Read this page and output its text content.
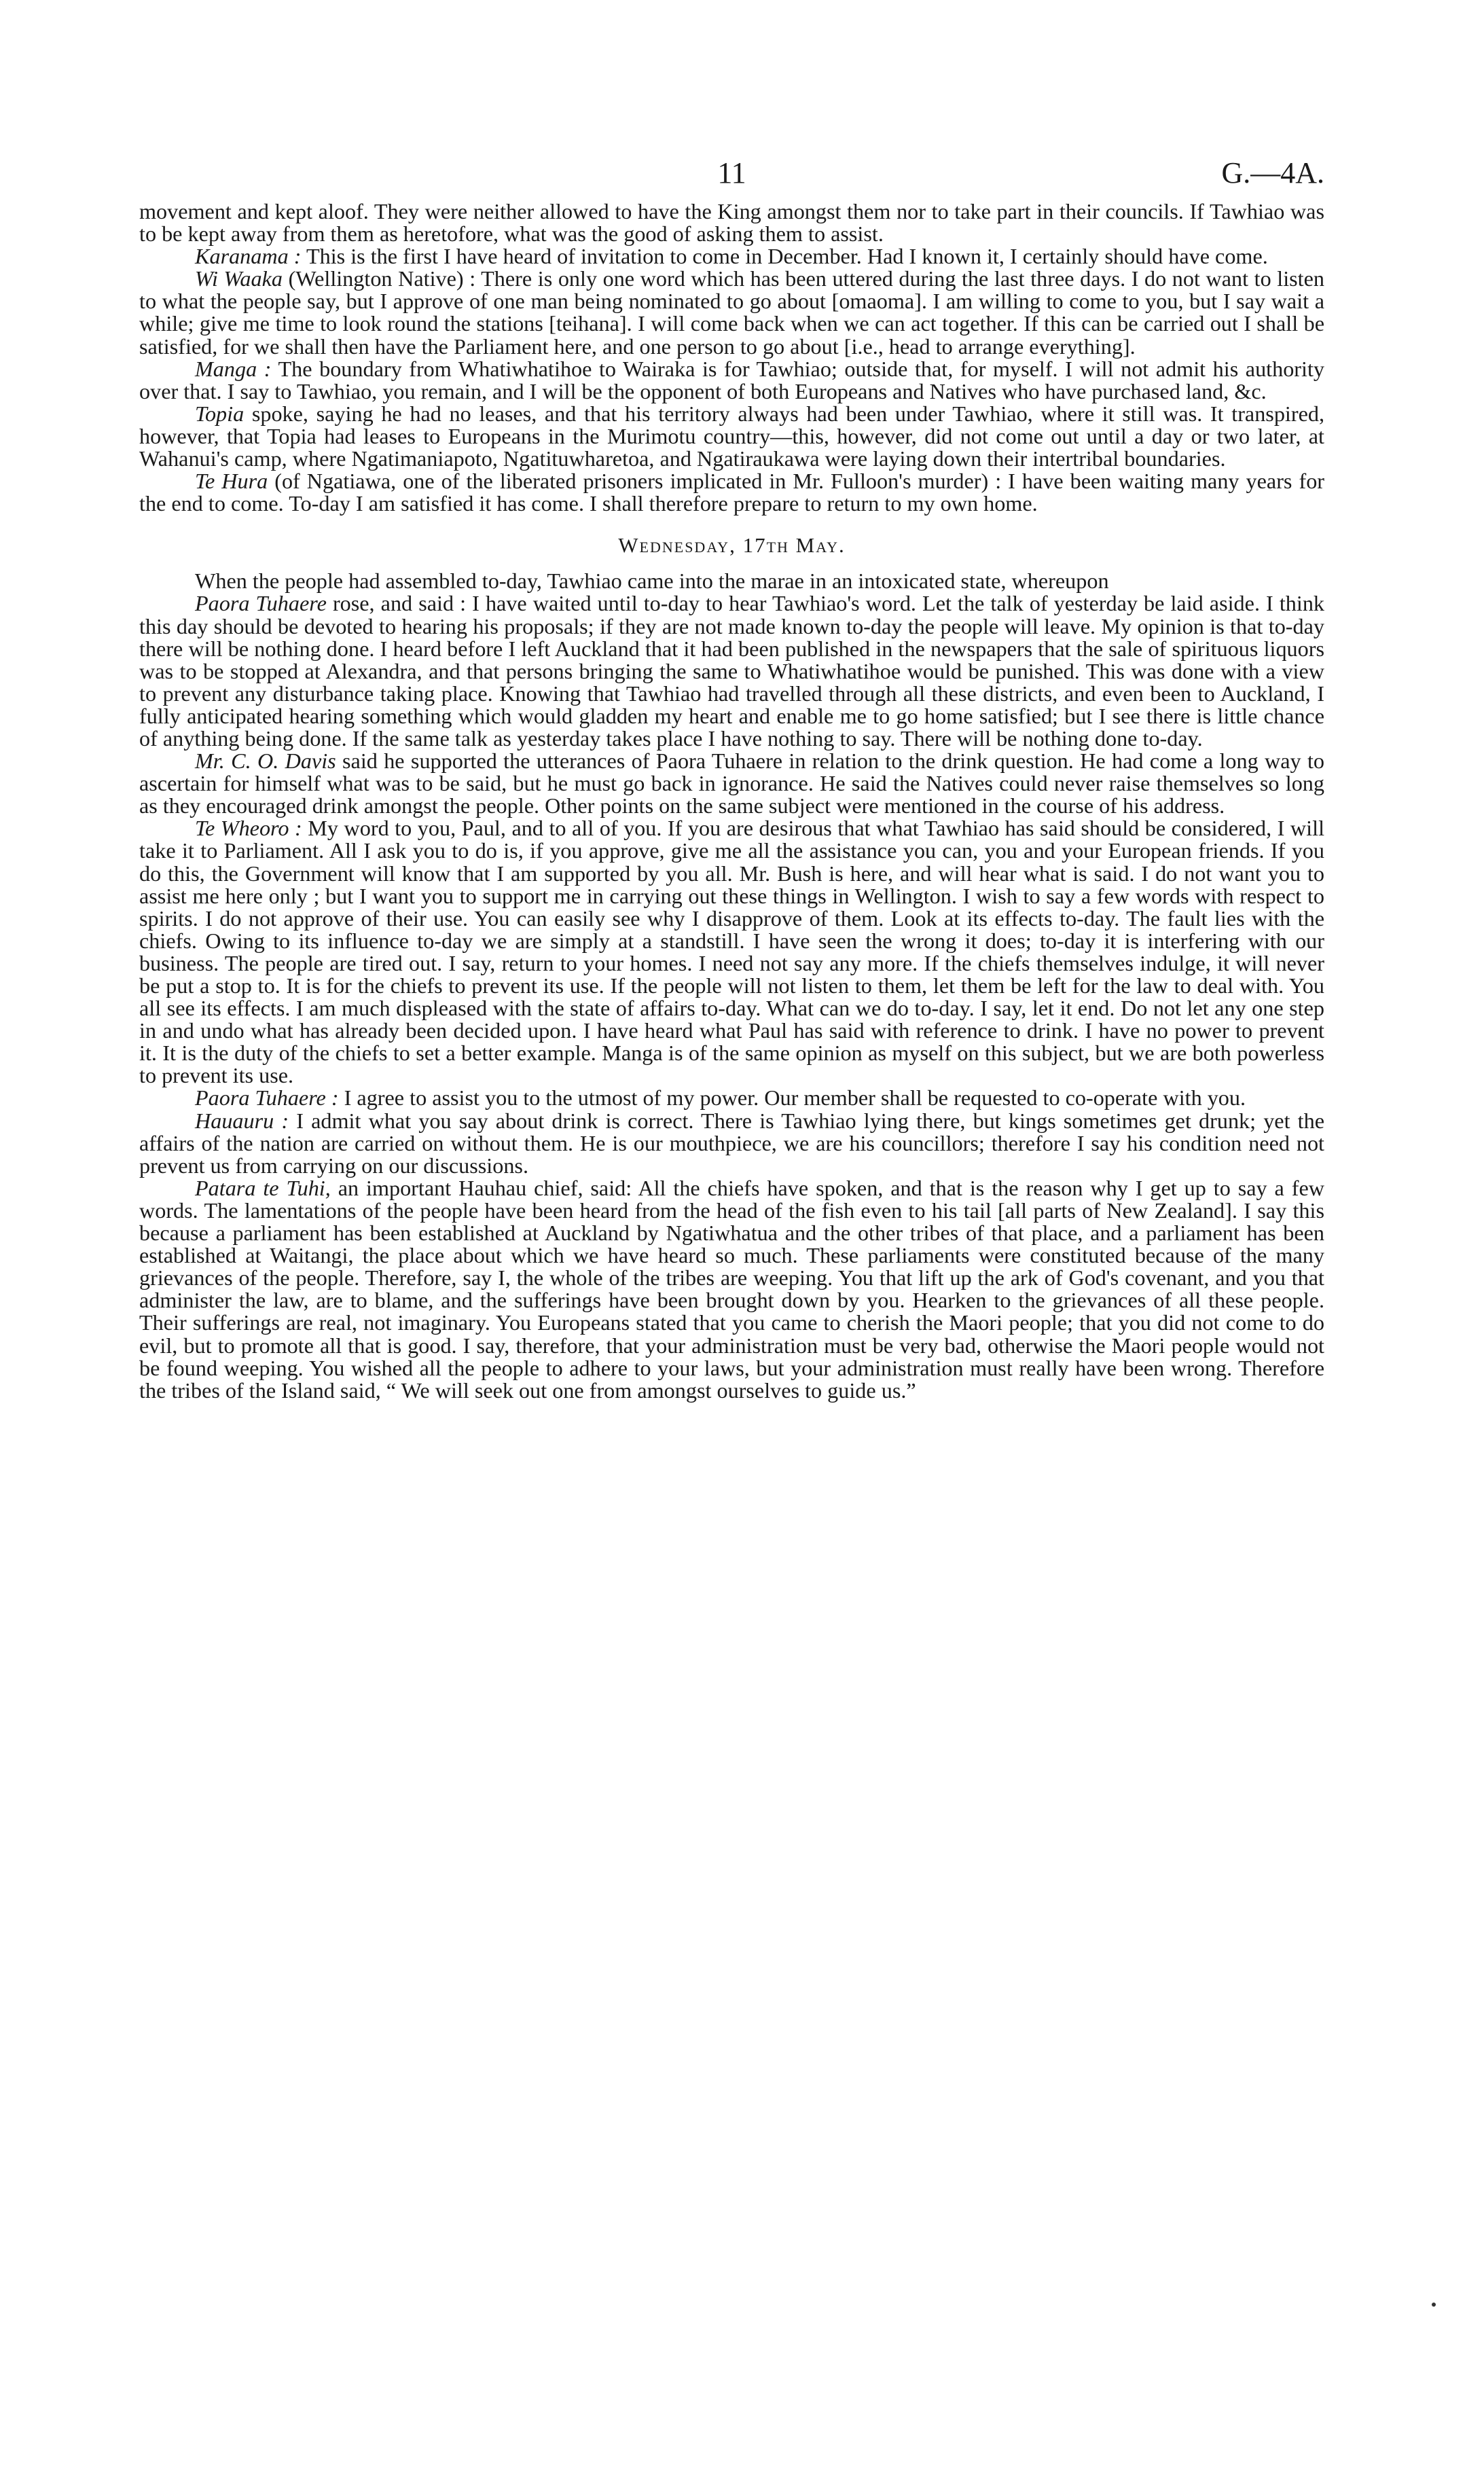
11	G.—4A.

movement and kept aloof. They were neither allowed to have the King amongst them nor to take part in their councils. If Tawhiao was to be kept away from them as heretofore, what was the good of asking them to assist.

Karanama : This is the first I have heard of invitation to come in December. Had I known it, I certainly should have come.

Wi Waaka (Wellington Native) : There is only one word which has been uttered during the last three days. I do not want to listen to what the people say, but I approve of one man being nominated to go about [omaoma]. I am willing to come to you, but I say wait a while; give me time to look round the stations [teihana]. I will come back when we can act together. If this can be carried out I shall be satisfied, for we shall then have the Parliament here, and one person to go about [i.e., head to arrange everything].

Manga : The boundary from Whatiwhatihoe to Wairaka is for Tawhiao; outside that, for myself. I will not admit his authority over that. I say to Tawhiao, you remain, and I will be the opponent of both Europeans and Natives who have purchased land, &c.

Topia spoke, saying he had no leases, and that his territory always had been under Tawhiao, where it still was. It transpired, however, that Topia had leases to Europeans in the Murimotu country—this, however, did not come out until a day or two later, at Wahanui's camp, where Ngatimaniapoto, Ngatituwharetoa, and Ngatiraukawa were laying down their intertribal boundaries.

Te Hura (of Ngatiawa, one of the liberated prisoners implicated in Mr. Fulloon's murder) : I have been waiting many years for the end to come. To-day I am satisfied it has come. I shall therefore prepare to return to my own home.

Wednesday, 17th May.

When the people had assembled to-day, Tawhiao came into the marae in an intoxicated state, whereupon

Paora Tuhaere rose, and said : I have waited until to-day to hear Tawhiao's word. Let the talk of yesterday be laid aside. I think this day should be devoted to hearing his proposals; if they are not made known to-day the people will leave. My opinion is that to-day there will be nothing done. I heard before I left Auckland that it had been published in the newspapers that the sale of spirituous liquors was to be stopped at Alexandra, and that persons bringing the same to Whatiwhatihoe would be punished. This was done with a view to prevent any disturbance taking place. Knowing that Tawhiao had travelled through all these districts, and even been to Auckland, I fully anticipated hearing something which would gladden my heart and enable me to go home satisfied; but I see there is little chance of anything being done. If the same talk as yesterday takes place I have nothing to say. There will be nothing done to-day.

Mr. C. O. Davis said he supported the utterances of Paora Tuhaere in relation to the drink question. He had come a long way to ascertain for himself what was to be said, but he must go back in ignorance. He said the Natives could never raise themselves so long as they encouraged drink amongst the people. Other points on the same subject were mentioned in the course of his address.

Te Wheoro : My word to you, Paul, and to all of you. If you are desirous that what Tawhiao has said should be considered, I will take it to Parliament. All I ask you to do is, if you approve, give me all the assistance you can, you and your European friends. If you do this, the Government will know that I am supported by you all. Mr. Bush is here, and will hear what is said. I do not want you to assist me here only ; but I want you to support me in carrying out these things in Wellington. I wish to say a few words with respect to spirits. I do not approve of their use. You can easily see why I disapprove of them. Look at its effects to-day. The fault lies with the chiefs. Owing to its influence to-day we are simply at a standstill. I have seen the wrong it does; to-day it is interfering with our business. The people are tired out. I say, return to your homes. I need not say any more. If the chiefs themselves indulge, it will never be put a stop to. It is for the chiefs to prevent its use. If the people will not listen to them, let them be left for the law to deal with. You all see its effects. I am much displeased with the state of affairs to-day. What can we do to-day. I say, let it end. Do not let any one step in and undo what has already been decided upon. I have heard what Paul has said with reference to drink. I have no power to prevent it. It is the duty of the chiefs to set a better example. Manga is of the same opinion as myself on this subject, but we are both powerless to prevent its use.

Paora Tuhaere : I agree to assist you to the utmost of my power. Our member shall be requested to co-operate with you.

Hauauru : I admit what you say about drink is correct. There is Tawhiao lying there, but kings sometimes get drunk; yet the affairs of the nation are carried on without them. He is our mouthpiece, we are his councillors; therefore I say his condition need not prevent us from carrying on our discussions.

Patara te Tuhi, an important Hauhau chief, said: All the chiefs have spoken, and that is the reason why I get up to say a few words. The lamentations of the people have been heard from the head of the fish even to his tail [all parts of New Zealand]. I say this because a parliament has been established at Auckland by Ngatiwhatua and the other tribes of that place, and a parliament has been established at Waitangi, the place about which we have heard so much. These parliaments were constituted because of the many grievances of the people. Therefore, say I, the whole of the tribes are weeping. You that lift up the ark of God's covenant, and you that administer the law, are to blame, and the sufferings have been brought down by you. Hearken to the grievances of all these people. Their sufferings are real, not imaginary. You Europeans stated that you came to cherish the Maori people; that you did not come to do evil, but to promote all that is good. I say, therefore, that your administration must be very bad, otherwise the Maori people would not be found weeping. You wished all the people to adhere to your laws, but your administration must really have been wrong. Therefore the tribes of the Island said, “ We will seek out one from amongst ourselves to guide us.”
